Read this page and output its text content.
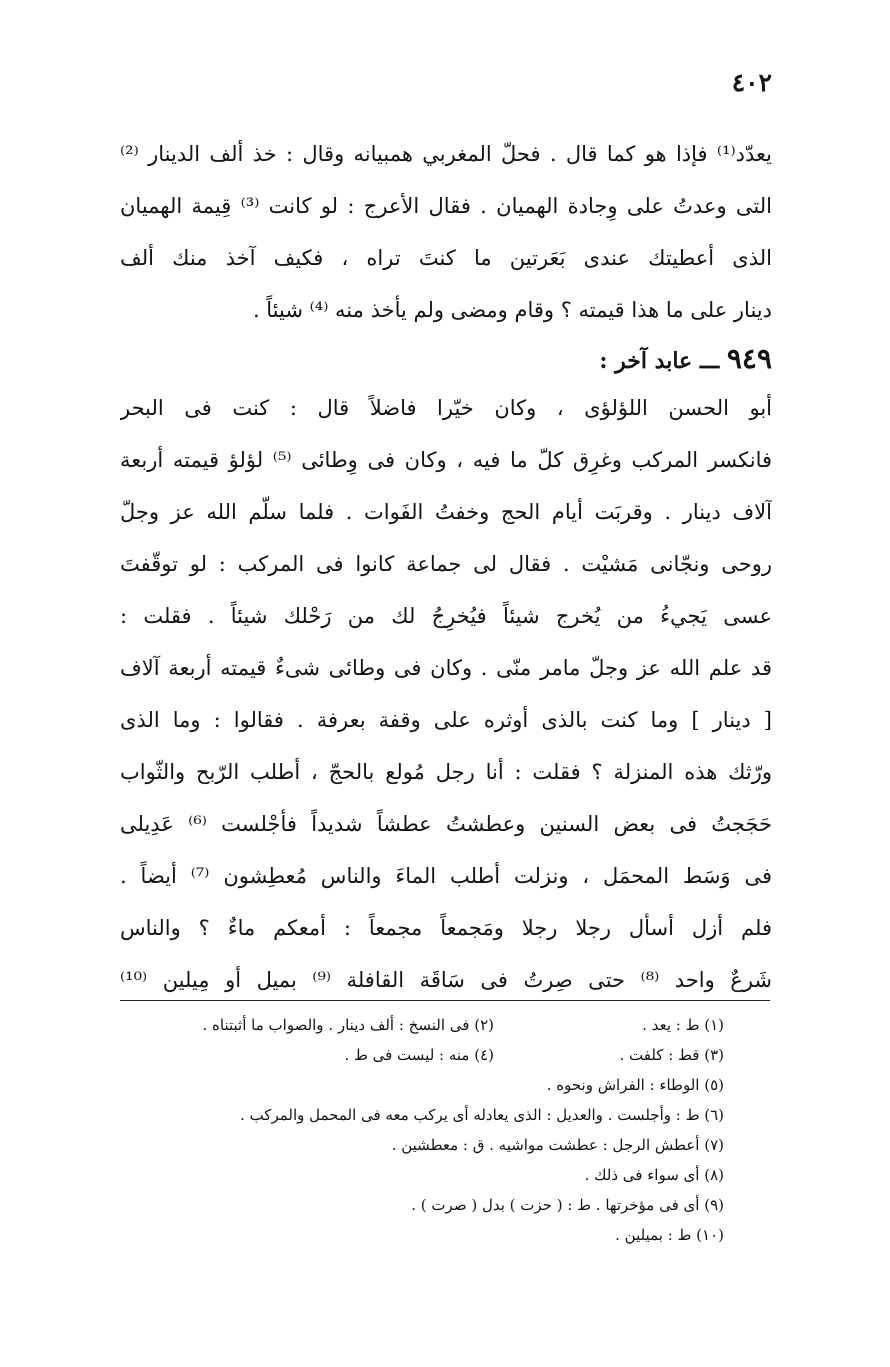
٤٠٢
يعدّد⁽¹⁾ فإذا هو كما قال . فحلّ المغربي همبيانه وقال : خذ ألف الدينار ⁽²⁾
التى وعدتُ على وِجادة الهميان . فقال الأعرج : لو كانت ⁽³⁾ قِيمة الهميان
الذى أعطيتك عندى بَعَرتين ما كنتَ تراه ، فكيف آخذ منك ألف
دينار على ما هذا قيمته ؟ وقام ومضى ولم يأخذ منه ⁽⁴⁾ شيئاً .
٩٤٩ ـــ عابد آخر :
أبو الحسن اللؤلؤى ، وكان خيّرا فاضلاً قال : كنت فى البحر
فانكسر المركب وغرِق كلّ ما فيه ، وكان فى وِطائى ⁽⁵⁾ لؤلؤ قيمته أربعة
آلاف دينار . وقربَت أيام الحج وخفتُ الفَوات . فلما سلّم الله عز وجلّ
روحى ونجّانى مَشيْت . فقال لى جماعة كانوا فى المركب : لو توقّفتَ
عسى يَجيءُ من يُخرج شيئاً فيُخرِجُ لك من رَحْلك شيئاً . فقلت :
قد علم الله عز وجلّ مامر منّى . وكان فى وطائى شىءٌ قيمته أربعة آلاف
[ دينار ] وما كنت بالذى أوثره على وقفة بعرفة . فقالوا : وما الذى
ورّثك هذه المنزلة ؟ فقلت : أنا رجل مُولع بالحجّ ، أطلب الرّبح والثّواب
حَجَجتُ فى بعض السنين وعطشتُ عطشاً شديداً فأجْلست ⁽⁶⁾ عَدِيلى
فى وَسَط المحمَل ، ونزلت أطلب الماءَ والناس مُعطِشون ⁽⁷⁾ أيضاً .
فلم أزل أسأل رجلا رجلا ومَجمعاً مجمعاً : أمعكم ماءٌ ؟ والناس
شَرعٌ واحد ⁽⁸⁾ حتى صِرتُ فى سَاقَة القافلة ⁽⁹⁾ بميل أو مِيلين ⁽¹⁰⁾
(١) ط : يعد .
(٢) فى النسخ : ألف دينار . والصواب ما أثبتناه .
(٣) قط : كلفت .
(٤) منه : ليست فى ط .
(٥) الوطاء : الفراش ونحوه .
(٦) ط : وأجلست . والعديل : الذى يعادله أى يركب معه فى المحمل والمركب .
(٧) أعطش الرجل : عطشت مواشيه . ق : معطشين .
(٨) أى سواء فى ذلك .
(٩) أى فى مؤخرتها . ط : ( حزت ) بدل ( صرت ) .
(١٠) ط : بميلين .
